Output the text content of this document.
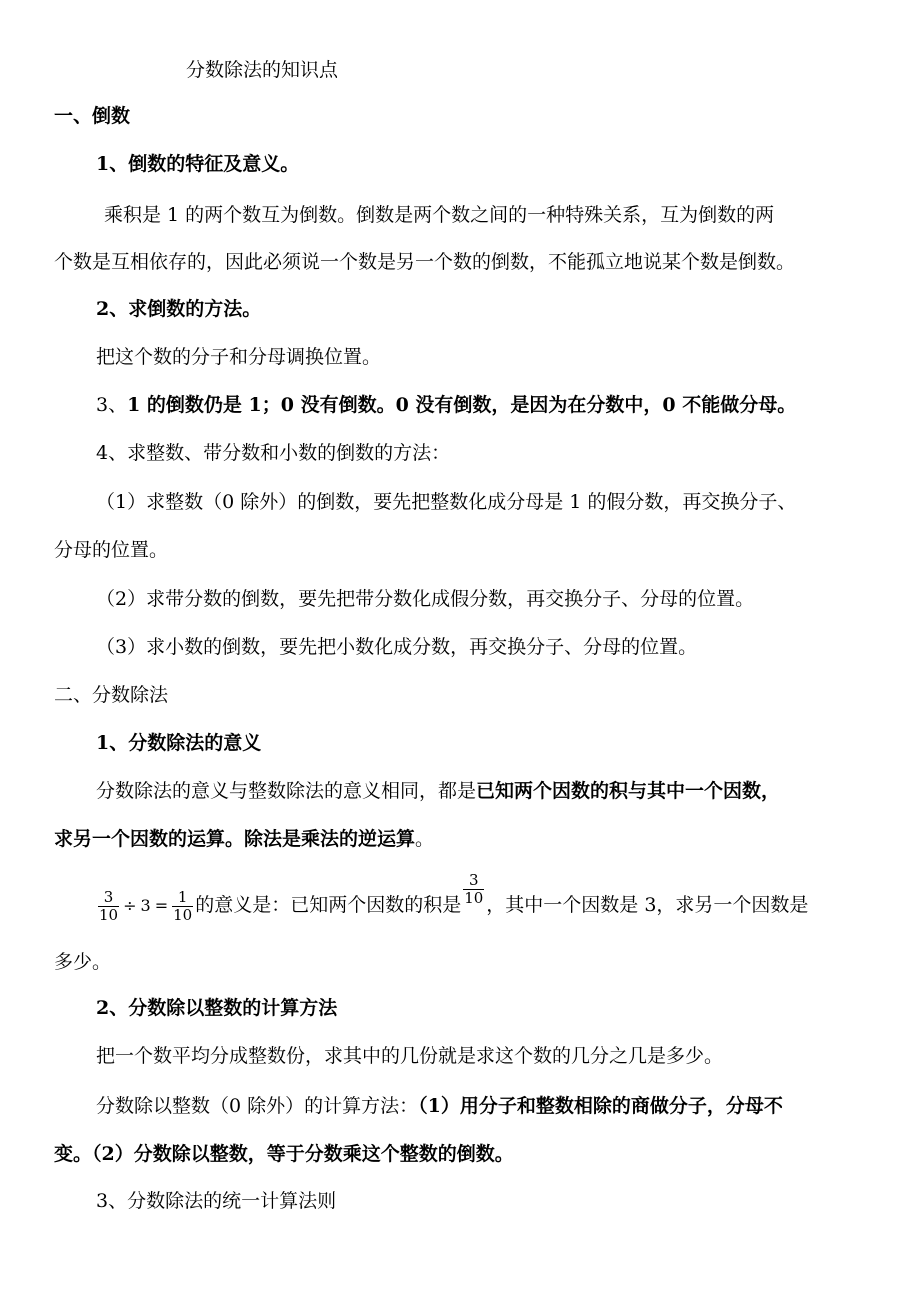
分数除法的知识点
一、倒数
1、倒数的特征及意义。
乘积是 1 的两个数互为倒数。倒数是两个数之间的一种特殊关系，互为倒数的两
个数是互相依存的，因此必须说一个数是另一个数的倒数，不能孤立地说某个数是倒数。
2、求倒数的方法。
把这个数的分子和分母调换位置。
3、1 的倒数仍是 1；0 没有倒数。0 没有倒数，是因为在分数中，0 不能做分母。
4、求整数、带分数和小数的倒数的方法：
（1）求整数（0 除外）的倒数，要先把整数化成分母是 1 的假分数，再交换分子、
分母的位置。
（2）求带分数的倒数，要先把带分数化成假分数，再交换分子、分母的位置。
（3）求小数的倒数，要先把小数化成分数，再交换分子、分母的位置。
二、分数除法
1、分数除法的意义
分数除法的意义与整数除法的意义相同，都是已知两个因数的积与其中一个因数，
求另一个因数的运算。除法是乘法的逆运算。
$\frac{3}{10} \div 3 = \frac{1}{10}$ 的意义是：已知两个因数的积是 $\frac{3}{10}$ ，其中一个因数是 3，求另一个因数是
多少。
2、分数除以整数的计算方法
把一个数平均分成整数份，求其中的几份就是求这个数的几分之几是多少。
分数除以整数（0 除外）的计算方法：（1）用分子和整数相除的商做分子，分母不
变。（2）分数除以整数，等于分数乘这个整数的倒数。
3、分数除法的统一计算法则
